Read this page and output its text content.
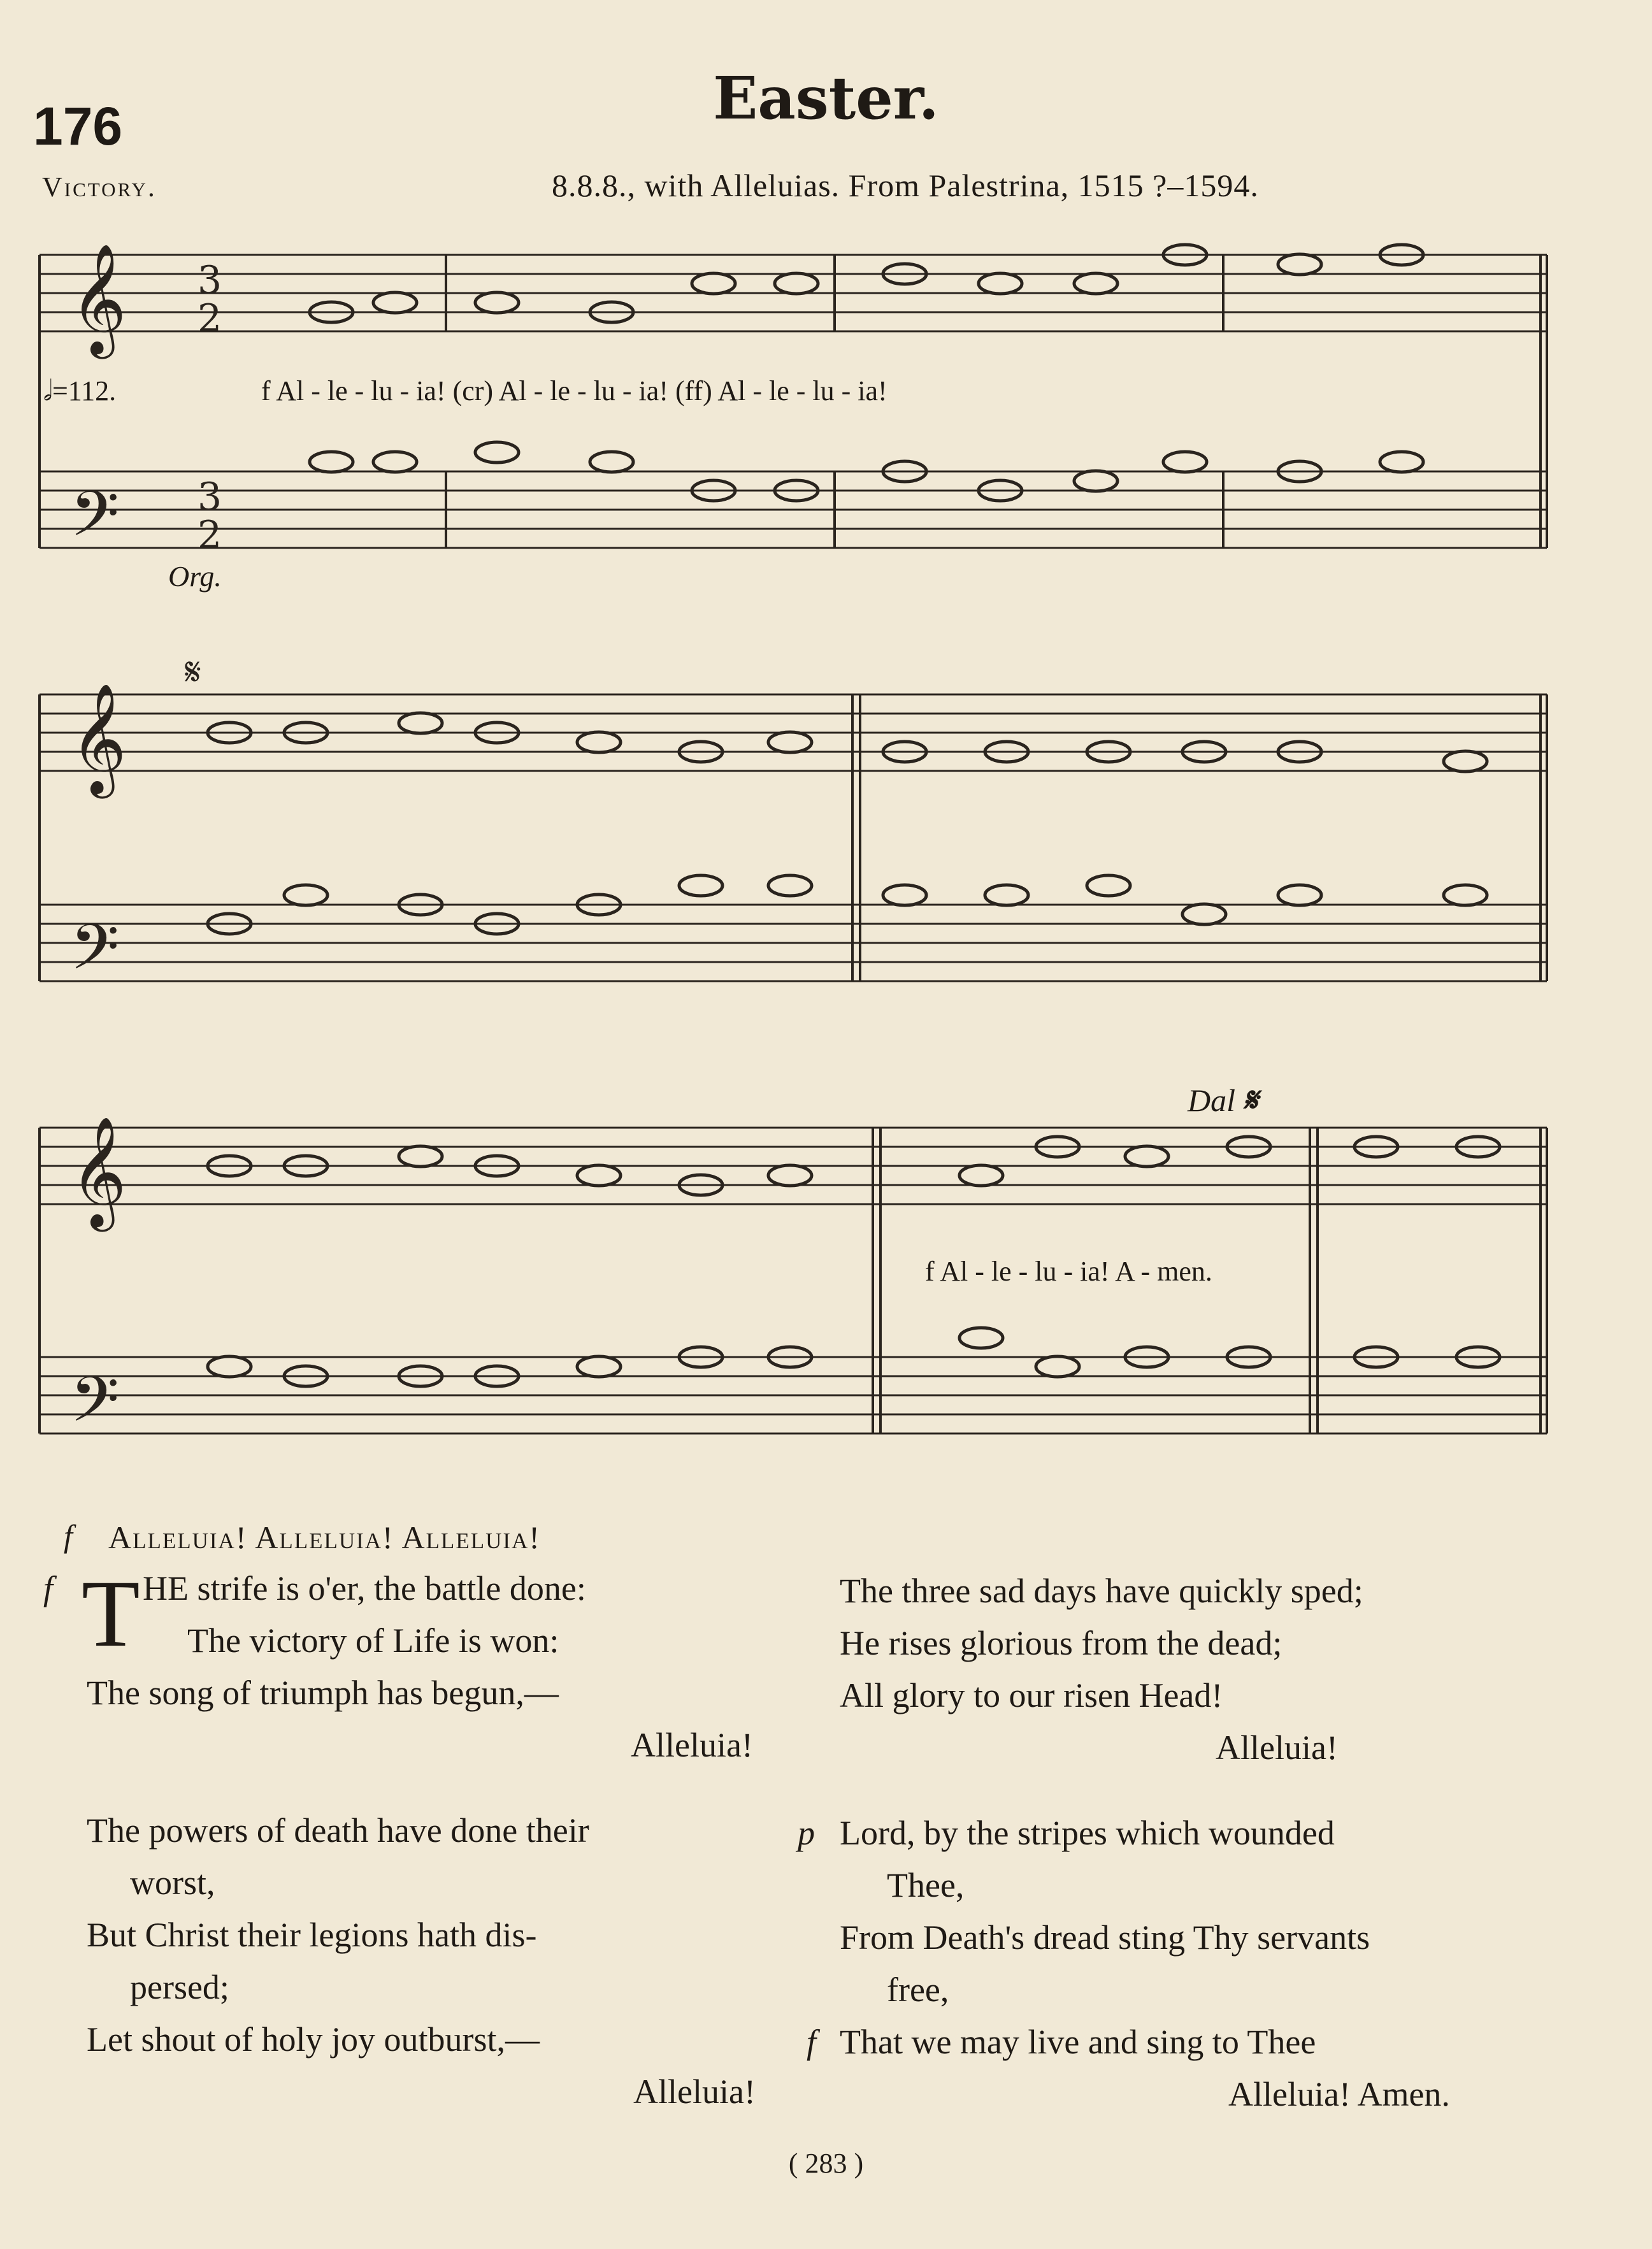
176	Easter.
Victory.	8.8.8., with Alleluias. From Palestrina, 1515 ?–1594.
𝄞
𝄢
3
2
3
2
𝄞
𝄢
𝄋
𝄞
𝄢
𝅗𝅥=112.	f Al - le - lu - ia! (cr) Al - le - lu - ia! (ff) Al - le - lu - ia!
Org.
Dal 𝄋
f Al - le - lu - ia! A - men.
f Alleluia! Alleluia! Alleluia!
f T HE strife is o'er, the battle done:
The victory of Life is won:
The song of triumph has begun,—
Alleluia!
The three sad days have quickly sped;
He rises glorious from the dead;
All glory to our risen Head!
Alleluia!
The powers of death have done their
worst,
But Christ their legions hath dis-
persed;
Let shout of holy joy outburst,—
Alleluia!
p Lord, by the stripes which wounded
Thee,
From Death's dread sting Thy servants
free,
f That we may live and sing to Thee
Alleluia! Amen.
( 283 )
